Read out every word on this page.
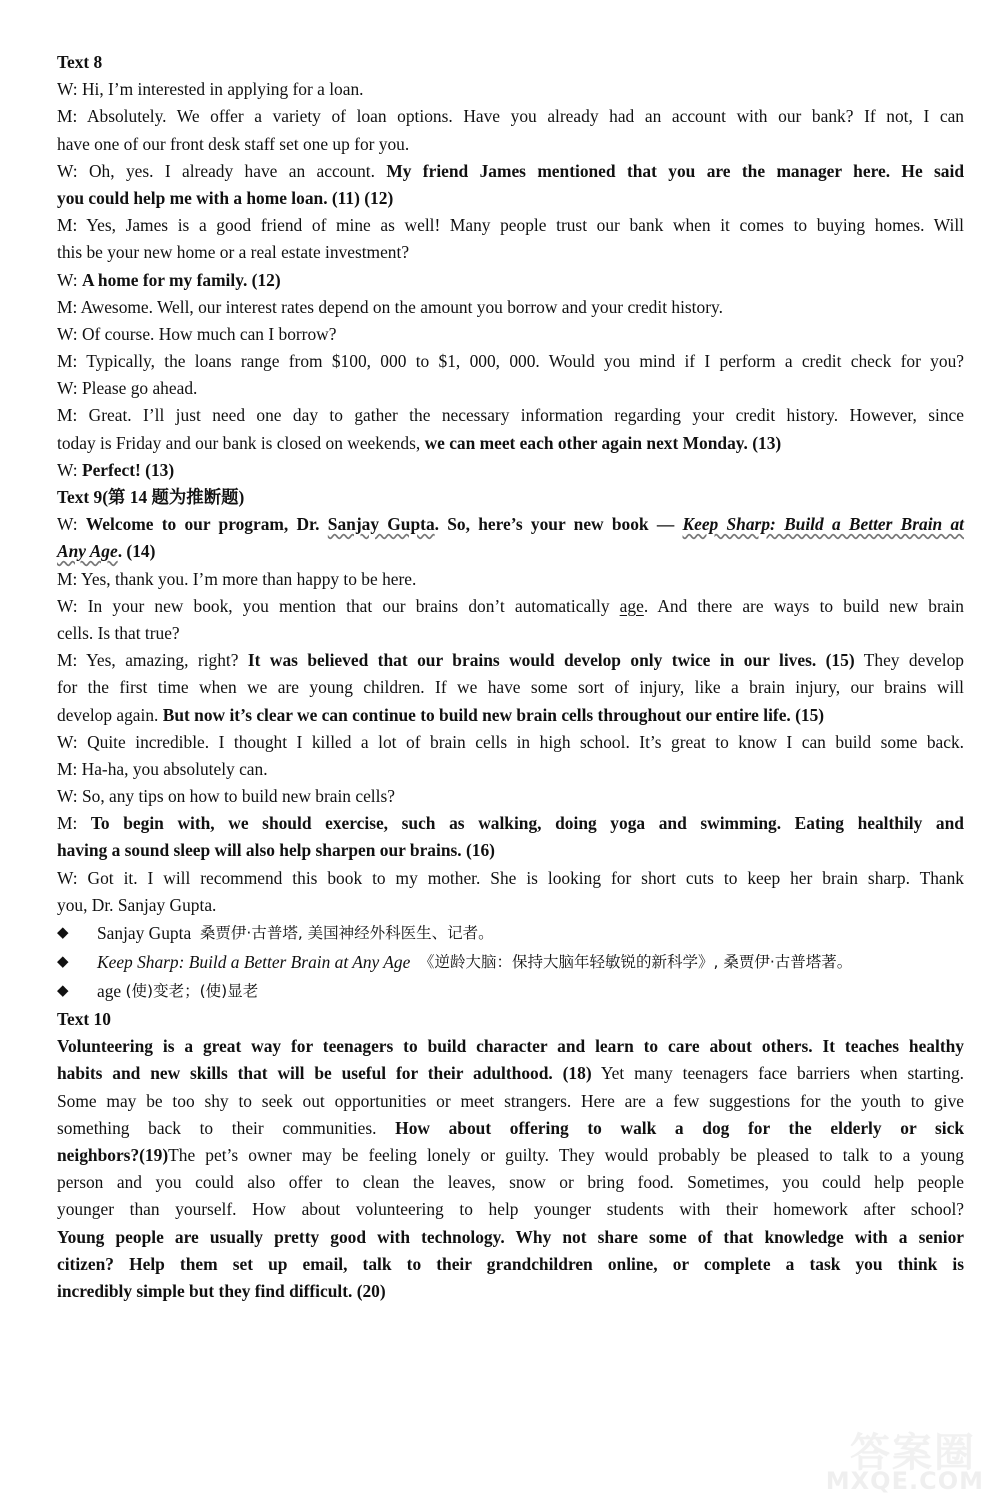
Text 8
W: Hi, I’m interested in applying for a loan.
M: Absolutely. We offer a variety of loan options. Have you already had an account with our bank? If not, I can
have one of our front desk staff set one up for you.
W: Oh, yes. I already have an account. My friend James mentioned that you are the manager here. He said
you could help me with a home loan. (11) (12)
M: Yes, James is a good friend of mine as well! Many people trust our bank when it comes to buying homes. Will
this be your new home or a real estate investment?
W: A home for my family. (12)
M: Awesome. Well, our interest rates depend on the amount you borrow and your credit history.
W: Of course. How much can I borrow?
M: Typically, the loans range from $100, 000 to $1, 000, 000. Would you mind if I perform a credit check for you?
W: Please go ahead.
M: Great. I’ll just need one day to gather the necessary information regarding your credit history. However, since
today is Friday and our bank is closed on weekends, we can meet each other again next Monday. (13)
W: Perfect! (13)
Text 9(第 14 题为推断题)
W: Welcome to our program, Dr. Sanjay Gupta. So, here’s your new book — Keep Sharp: Build a Better Brain at
Any Age. (14)
M: Yes, thank you. I’m more than happy to be here.
W: In your new book, you mention that our brains don’t automatically age. And there are ways to build new brain
cells. Is that true?
M: Yes, amazing, right? It was believed that our brains would develop only twice in our lives. (15) They develop
for the first time when we are young children. If we have some sort of injury, like a brain injury, our brains will
develop again. But now it’s clear we can continue to build new brain cells throughout our entire life. (15)
W: Quite incredible. I thought I killed a lot of brain cells in high school. It’s great to know I can build some back.
M: Ha-ha, you absolutely can.
W: So, any tips on how to build new brain cells?
M: To begin with, we should exercise, such as walking, doing yoga and swimming. Eating healthily and
having a sound sleep will also help sharpen our brains. (16)
W: Got it. I will recommend this book to my mother. She is looking for short cuts to keep her brain sharp. Thank
you, Dr. Sanjay Gupta.
◆	Sanjay Gupta
桑贾伊·古普塔, 美国神经外科医生、记者。
◆	Keep Sharp: Build a Better Brain at Any Age
《逆龄大脑：保持大脑年轻敏锐的新科学》, 桑贾伊·古普塔著。
◆	age
(使)变老；(使)显老
Text 10
Volunteering is a great way for teenagers to build character and learn to care about others. It teaches healthy
habits and new skills that will be useful for their adulthood. (18) Yet many teenagers face barriers when starting.
Some may be too shy to seek out opportunities or meet strangers. Here are a few suggestions for the youth to give
something back to their communities. How about offering to walk a dog for the elderly or sick
neighbors?(19)The pet’s owner may be feeling lonely or guilty. They would probably be pleased to talk to a young
person and you could also offer to clean the leaves, snow or bring food. Sometimes, you could help people
younger than yourself. How about volunteering to help younger students with their homework after school?
Young people are usually pretty good with technology. Why not share some of that knowledge with a senior
citizen? Help them set up email, talk to their grandchildren online, or complete a task you think is
incredibly simple but they find difficult. (20)
答案圈
MXQE.COM
